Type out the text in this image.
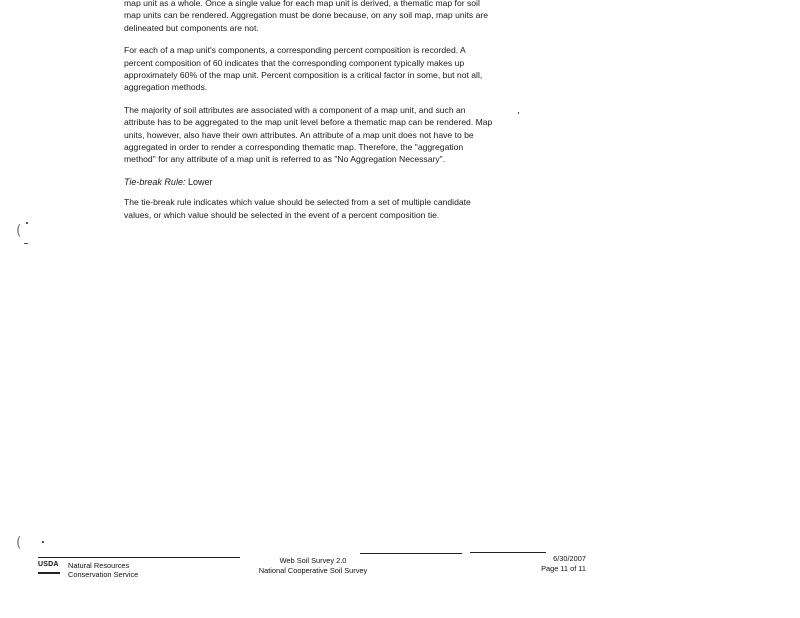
map unit as a whole. Once a single value for each map unit is derived, a thematic map for soil map units can be rendered. Aggregation must be done because, on any soil map, map units are delineated but components are not.

For each of a map unit's components, a corresponding percent composition is recorded. A percent composition of 60 indicates that the corresponding component typically makes up approximately 60% of the map unit. Percent composition is a critical factor in some, but not all, aggregation methods.

The majority of soil attributes are associated with a component of a map unit, and such an attribute has to be aggregated to the map unit level before a thematic map can be rendered. Map units, however, also have their own attributes. An attribute of a map unit does not have to be aggregated in order to render a corresponding thematic map. Therefore, the "aggregation method" for any attribute of a map unit is referred to as "No Aggregation Necessary".

Tie-break Rule: Lower

The tie-break rule indicates which value should be selected from a set of multiple candidate values, or which value should be selected in the event of a percent composition tie.

(
(
USDA Natural Resources
Conservation Service
Web Soil Survey 2.0
National Cooperative Soil Survey
6/30/2007
Page 11 of 11
